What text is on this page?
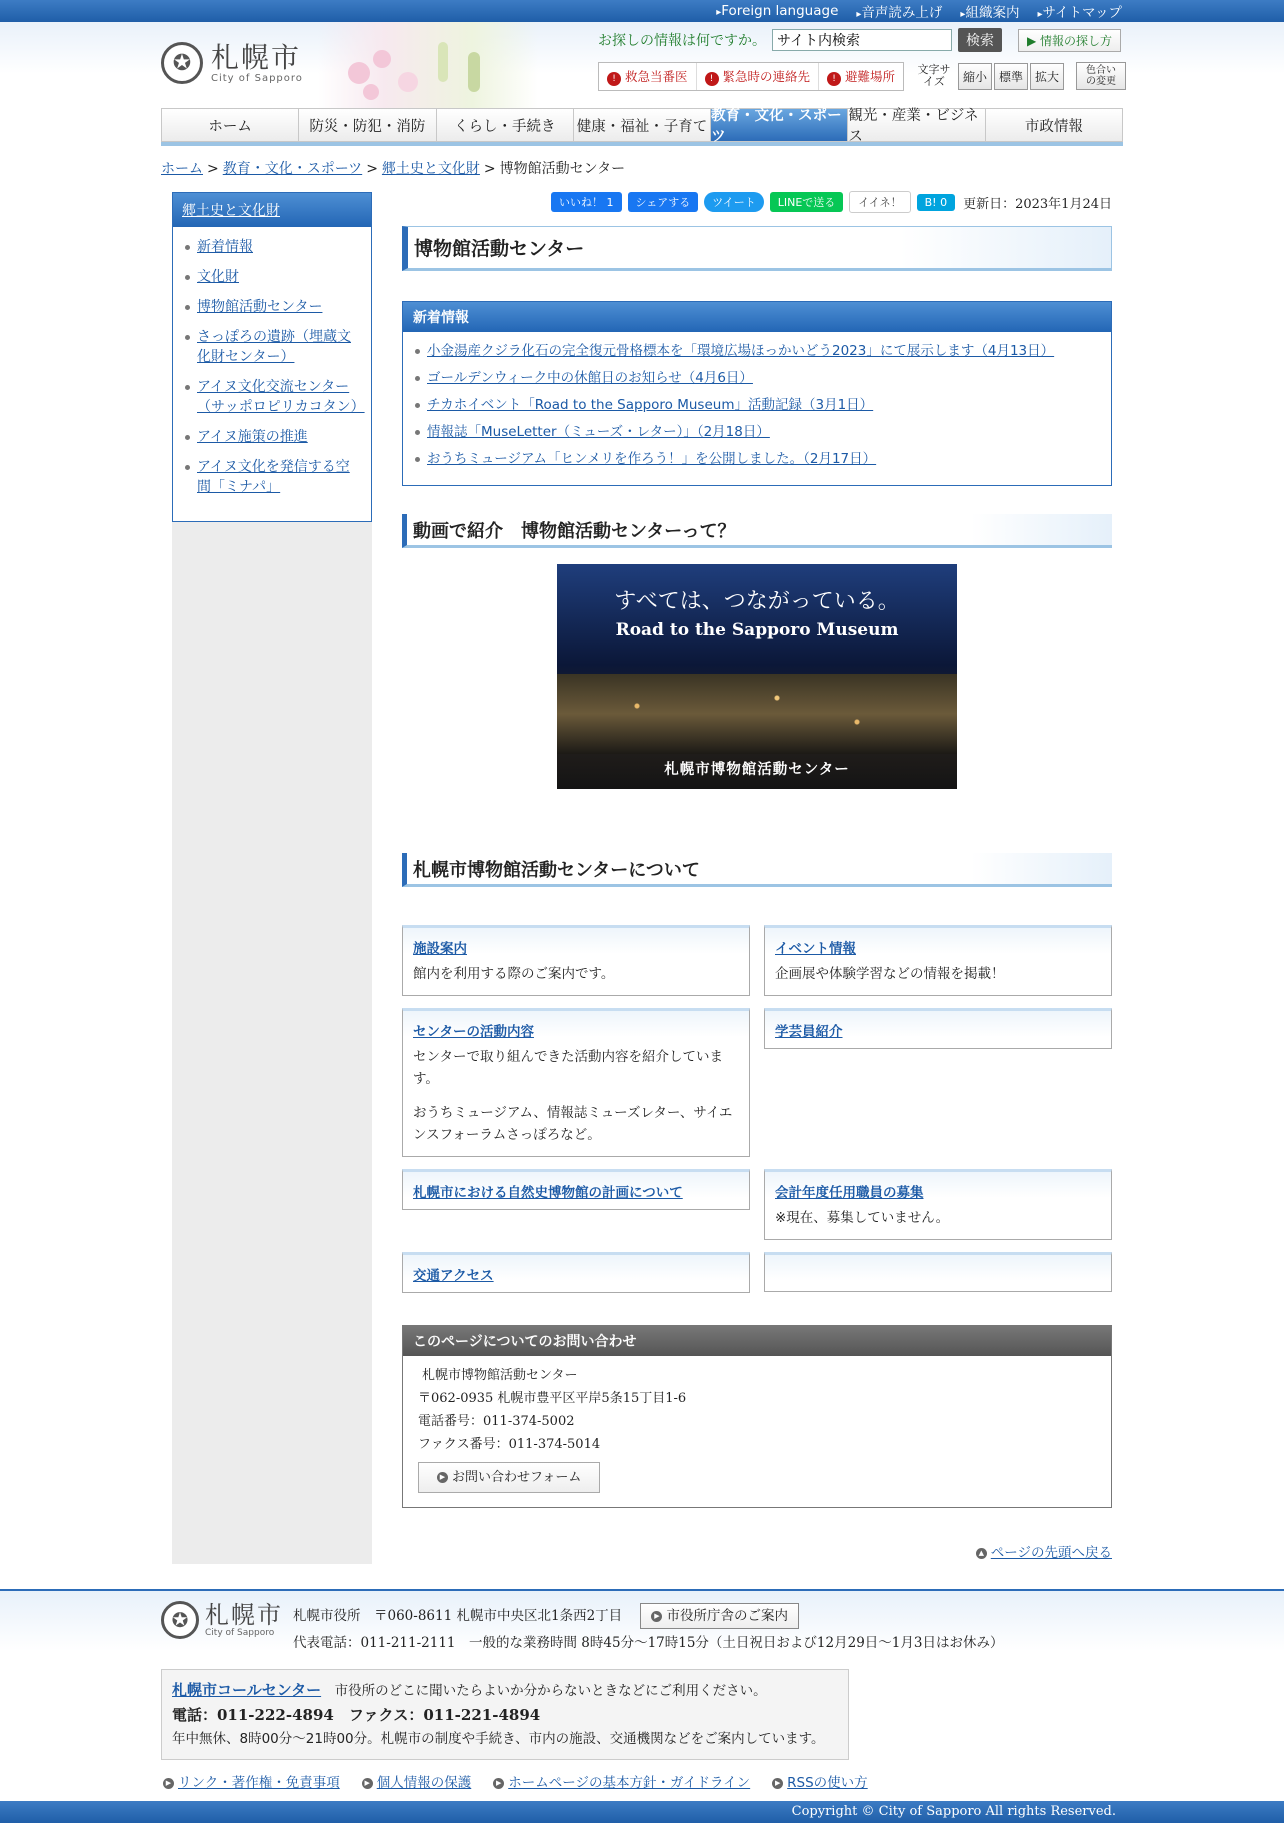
▸ Foreign language	▸ 音声読み上げ	▸ 組織案内	▸ サイトマップ
✪ 札幌市
City of Sapporo
お探しの情報は何ですか。
サイト内検索	検索	▶ 情報の探し方
! 救急当番医	! 緊急時の連絡先	! 避難場所	文字サイズ	縮小	標準	拡大	色合いの変更
ホーム	防災・防犯・消防	くらし・手続き	健康・福祉・子育て
教育・文化・スポーツ
観光・産業・ビジネス
市政情報
ホーム > 教育・文化・スポーツ > 郷土史と文化財 > 博物館活動センター
郷土史と文化財
新着情報
文化財
博物館活動センター
さっぽろの遺跡（埋蔵文化財センター）
アイヌ文化交流センター（サッポロピリカコタン）
アイヌ施策の推進
アイヌ文化を発信する空間「ミナパ」
いいね！ 1	シェアする	ツイート	LINEで送る	イイネ！	B! 0	更新日：2023年1月24日
博物館活動センター
新着情報
小金湯産クジラ化石の完全復元骨格標本を「環境広場ほっかいどう2023」にて展示します（4月13日）
ゴールデンウィーク中の休館日のお知らせ（4月6日）
チカホイベント「Road to the Sapporo Museum」活動記録（3月1日）
情報誌「MuseLetter（ミューズ・レター）」（2月18日）
おうちミュージアム「ヒンメリを作ろう！」を公開しました。（2月17日）
動画で紹介　博物館活動センターって？
すべては、つながっている。
Road to the Sapporo Museum
札幌市博物館活動センター
札幌市博物館活動センターについて
施設案内
館内を利用する際のご案内です。
イベント情報
企画展や体験学習などの情報を掲載！
センターの活動内容
センターで取り組んできた活動内容を紹介しています。
おうちミュージアム、情報誌ミューズレター、サイエンスフォーラムさっぽろなど。
学芸員紹介
札幌市における自然史博物館の計画について	会計年度任用職員の募集
※現在、募集していません。
交通アクセス
このページについてのお問い合わせ
札幌市博物館活動センター
〒062-0935 札幌市豊平区平岸5条15丁目1-6
電話番号：011-374-5002
ファクス番号：011-374-5014
▶ お問い合わせフォーム
▲ ページの先頭へ戻る
✪ 札幌市
City of Sapporo
札幌市役所　〒060-8611 札幌市中央区北1条西2丁目	▶ 市役所庁舎のご案内
代表電話：011-211-2111　一般的な業務時間 8時45分～17時15分（土日祝日および12月29日～1月3日はお休み）
札幌市コールセンター　 市役所のどこに聞いたらよいか分からないときなどにご利用ください。
電話：011-222-4894　ファクス：011-221-4894
年中無休、8時00分～21時00分。札幌市の制度や手続き、市内の施設、交通機関などをご案内しています。
▶ リンク・著作権・免責事項	▶ 個人情報の保護	▶ ホームページの基本方針・ガイドライン	▶ RSSの使い方
Copyright © City of Sapporo All rights Reserved.
